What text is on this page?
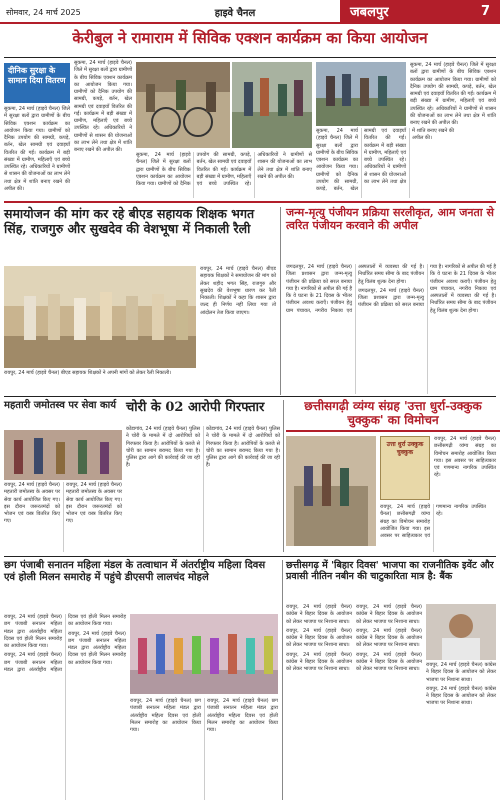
सोमवार, 24 मार्च 2025	हाइवे चैनल	जबलपुर	7
केरीबुल ने रामाराम में सिविक एक्शन कार्यक्रम का किया आयोजन
दीनिक सुरक्षा के सामान दिया वितरण

सुकमा, 24 मार्च (हाइवे चैनल) जिले में सुरक्षा बलों द्वारा ग्रामीणों के बीच सिविक एक्शन कार्यक्रम का आयोजन किया गया। ग्रामीणों को दैनिक उपयोग की सामग्री, कपड़े, बर्तन, खेल सामग्री एवं दवाइयाँ वितरित की गईं। कार्यक्रम में बड़ी संख्या में ग्रामीण, महिलाएँ एवं बच्चे उपस्थित रहे। अधिकारियों ने ग्रामीणों से शासन की योजनाओं का लाभ लेने तथा क्षेत्र में शांति बनाए रखने की अपील की।

सुकमा, 24 मार्च (हाइवे चैनल) जिले में सुरक्षा बलों द्वारा ग्रामीणों के बीच सिविक एक्शन कार्यक्रम का आयोजन किया गया। ग्रामीणों को दैनिक उपयोग की सामग्री, कपड़े, बर्तन, खेल सामग्री एवं दवाइयाँ वितरित की गईं। कार्यक्रम में बड़ी संख्या में ग्रामीण, महिलाएँ एवं बच्चे उपस्थित रहे। अधिकारियों ने ग्रामीणों से शासन की योजनाओं का लाभ लेने तथा क्षेत्र में शांति बनाए रखने की अपील की।

सुकमा, 24 मार्च (हाइवे चैनल) जिले में सुरक्षा बलों द्वारा ग्रामीणों के बीच सिविक एक्शन कार्यक्रम का आयोजन किया गया। ग्रामीणों को दैनिक उपयोग की सामग्री, कपड़े, बर्तन, खेल सामग्री एवं दवाइयाँ वितरित की गईं। कार्यक्रम में बड़ी संख्या में ग्रामीण, महिलाएँ एवं बच्चे उपस्थित रहे। अधिकारियों ने ग्रामीणों से शासन की योजनाओं का लाभ लेने तथा क्षेत्र में शांति बनाए रखने की अपील की।

सुकमा, 24 मार्च (हाइवे चैनल) जिले में सुरक्षा बलों द्वारा ग्रामीणों के बीच सिविक एक्शन कार्यक्रम का आयोजन किया गया। ग्रामीणों को दैनिक उपयोग की सामग्री, कपड़े, बर्तन, खेल सामग्री एवं दवाइयाँ वितरित की गईं। कार्यक्रम में बड़ी संख्या में ग्रामीण, महिलाएँ एवं बच्चे उपस्थित रहे। अधिकारियों ने ग्रामीणों से शासन की योजनाओं का लाभ लेने तथा क्षेत्र में शांति बनाए रखने की अपील की।

सुकमा, 24 मार्च (हाइवे चैनल) जिले में सुरक्षा बलों द्वारा ग्रामीणों के बीच सिविक एक्शन कार्यक्रम का आयोजन किया गया। ग्रामीणों को दैनिक उपयोग की सामग्री, कपड़े, बर्तन, खेल सामग्री एवं दवाइयाँ वितरित की गईं। कार्यक्रम में बड़ी संख्या में ग्रामीण, महिलाएँ एवं बच्चे उपस्थित रहे। अधिकारियों ने ग्रामीणों से शासन की योजनाओं का लाभ लेने तथा क्षेत्र में शांति बनाए रखने की अपील की।

समायोजन की मांग कर रहे बीएड सहायक शिक्षक भगत सिंह, राजगुरु और सुखदेव की वेशभूषा में निकाली रैली
रायपुर, 24 मार्च (हाइवे चैनल) बीएड सहायक शिक्षकों ने अपनी मांगों को लेकर रैली निकाली।

रायपुर, 24 मार्च (हाइवे चैनल) बीएड सहायक शिक्षकों ने समायोजन की मांग को लेकर शहीद भगत सिंह, राजगुरु और सुखदेव की वेशभूषा धारण कर रैली निकाली। शिक्षकों ने कहा कि शासन द्वारा जल्द ही निर्णय नहीं लिया गया तो आंदोलन तेज किया जाएगा।

जन्म-मृत्यु पंजीयन प्रक्रिया सरलीकृत, आम जनता से त्वरित पंजीयन करवाने की अपील

जगदलपुर, 24 मार्च (हाइवे चैनल) जिला प्रशासन द्वारा जन्म-मृत्यु पंजीयन की प्रक्रिया को सरल बनाया गया है। नागरिकों से अपील की गई है कि वे घटना के 21 दिवस के भीतर पंजीयन अवश्य कराएँ। पंजीयन हेतु ग्राम पंचायत, नगरीय निकाय एवं अस्पतालों में व्यवस्था की गई है। निर्धारित समय सीमा के बाद पंजीयन हेतु विलंब शुल्क देना होगा।

जगदलपुर, 24 मार्च (हाइवे चैनल) जिला प्रशासन द्वारा जन्म-मृत्यु पंजीयन की प्रक्रिया को सरल बनाया गया है। नागरिकों से अपील की गई है कि वे घटना के 21 दिवस के भीतर पंजीयन अवश्य कराएँ। पंजीयन हेतु ग्राम पंचायत, नगरीय निकाय एवं अस्पतालों में व्यवस्था की गई है। निर्धारित समय सीमा के बाद पंजीयन हेतु विलंब शुल्क देना होगा।

महतारी जमोतस्व पर सेवा कार्य

रायपुर, 24 मार्च (हाइवे चैनल) महतारी जमोतस्व के अवसर पर सेवा कार्य आयोजित किए गए। इस दौरान जरूरतमंदों को भोजन एवं वस्त्र वितरित किए गए।

रायपुर, 24 मार्च (हाइवे चैनल) महतारी जमोतस्व के अवसर पर सेवा कार्य आयोजित किए गए। इस दौरान जरूरतमंदों को भोजन एवं वस्त्र वितरित किए गए।

चोरी के 02 आरोपी गिरफ्तार

कोंडागांव, 24 मार्च (हाइवे चैनल) पुलिस ने चोरी के मामले में दो आरोपियों को गिरफ्तार किया है। आरोपियों के कब्जे से चोरी का सामान बरामद किया गया है। पुलिस द्वारा आगे की कार्रवाई की जा रही है।

कोंडागांव, 24 मार्च (हाइवे चैनल) पुलिस ने चोरी के मामले में दो आरोपियों को गिरफ्तार किया है। आरोपियों के कब्जे से चोरी का सामान बरामद किया गया है। पुलिस द्वारा आगे की कार्रवाई की जा रही है।

छत्तीसगढ़ी व्यंग्य संग्रह 'उत्ता धुर्रा-उक्कुक चुक्कुक' का विमोचन
उत्ता धुर्रा उक्कुक चुक्कुक

रायपुर, 24 मार्च (हाइवे चैनल) छत्तीसगढ़ी व्यंग्य संग्रह का विमोचन समारोह आयोजित किया गया। इस अवसर पर साहित्यकार एवं गणमान्य नागरिक उपस्थित रहे।

रायपुर, 24 मार्च (हाइवे चैनल) छत्तीसगढ़ी व्यंग्य संग्रह का विमोचन समारोह आयोजित किया गया। इस अवसर पर साहित्यकार एवं गणमान्य नागरिक उपस्थित रहे।

छग पंजाबी सनातन महिला मंडल के तत्वाधान में अंतर्राष्ट्रीय महिला दिवस एवं होली मिलन समारोह में पहुंचे डीएसपी लालचंद मोहले

रायपुर, 24 मार्च (हाइवे चैनल) छग पंजाबी सनातन महिला मंडल द्वारा अंतर्राष्ट्रीय महिला दिवस एवं होली मिलन समारोह का आयोजन किया गया।

रायपुर, 24 मार्च (हाइवे चैनल) छग पंजाबी सनातन महिला मंडल द्वारा अंतर्राष्ट्रीय महिला दिवस एवं होली मिलन समारोह का आयोजन किया गया।

रायपुर, 24 मार्च (हाइवे चैनल) छग पंजाबी सनातन महिला मंडल द्वारा अंतर्राष्ट्रीय महिला दिवस एवं होली मिलन समारोह का आयोजन किया गया।

रायपुर, 24 मार्च (हाइवे चैनल) छग पंजाबी सनातन महिला मंडल द्वारा अंतर्राष्ट्रीय महिला दिवस एवं होली मिलन समारोह का आयोजन किया गया।

रायपुर, 24 मार्च (हाइवे चैनल) छग पंजाबी सनातन महिला मंडल द्वारा अंतर्राष्ट्रीय महिला दिवस एवं होली मिलन समारोह का आयोजन किया गया।

छत्तीसगढ़ में 'बिहार दिवस' भाजपा का राजनीतिक इवेंट और प्रवासी नीतिन नबीन की चाटुकारिता मात्र है: बैंक

रायपुर, 24 मार्च (हाइवे चैनल) कांग्रेस ने बिहार दिवस के आयोजन को लेकर भाजपा पर निशाना साधा।

रायपुर, 24 मार्च (हाइवे चैनल) कांग्रेस ने बिहार दिवस के आयोजन को लेकर भाजपा पर निशाना साधा।

रायपुर, 24 मार्च (हाइवे चैनल) कांग्रेस ने बिहार दिवस के आयोजन को लेकर भाजपा पर निशाना साधा।

रायपुर, 24 मार्च (हाइवे चैनल) कांग्रेस ने बिहार दिवस के आयोजन को लेकर भाजपा पर निशाना साधा।

रायपुर, 24 मार्च (हाइवे चैनल) कांग्रेस ने बिहार दिवस के आयोजन को लेकर भाजपा पर निशाना साधा।

रायपुर, 24 मार्च (हाइवे चैनल) कांग्रेस ने बिहार दिवस के आयोजन को लेकर भाजपा पर निशाना साधा।

रायपुर, 24 मार्च (हाइवे चैनल) कांग्रेस ने बिहार दिवस के आयोजन को लेकर भाजपा पर निशाना साधा।

रायपुर, 24 मार्च (हाइवे चैनल) कांग्रेस ने बिहार दिवस के आयोजन को लेकर भाजपा पर निशाना साधा।
